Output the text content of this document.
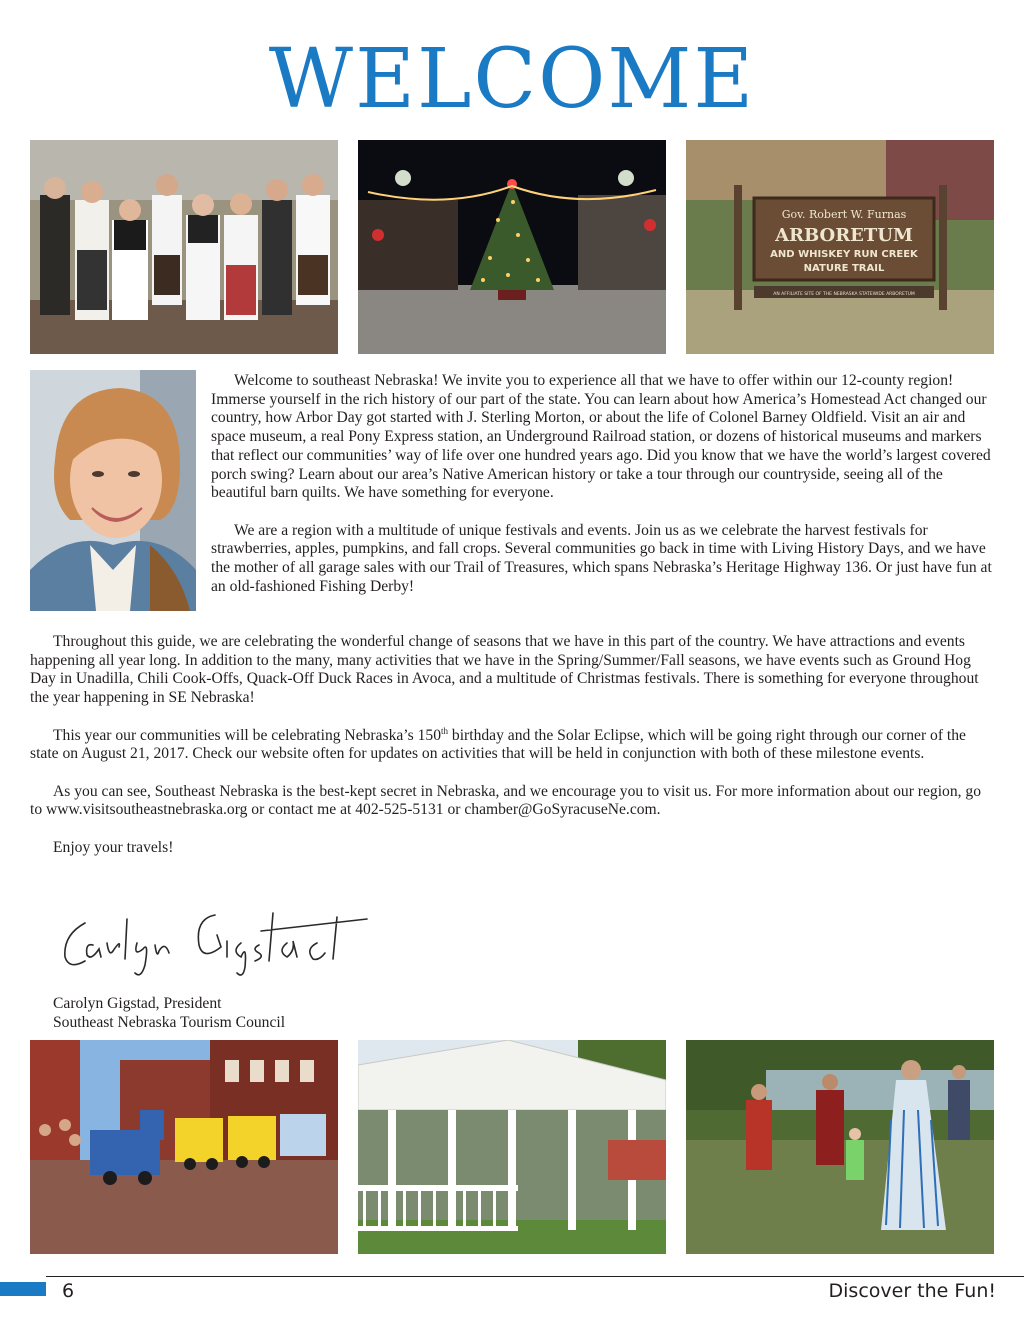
WELCOME
Gov. Robert W. Furnas
ARBORETUM
AND WHISKEY RUN CREEK
NATURE TRAIL
AN AFFILIATE SITE OF THE NEBRASKA STATEWIDE ARBORETUM

Welcome to southeast Nebraska! We invite you to experience all that we have to offer within our 12-county region! Immerse yourself in the rich history of our part of the state. You can learn about how America’s Homestead Act changed our country, how Arbor Day got started with J. Sterling Morton, or about the life of Colonel Barney Oldfield. Visit an air and space museum, a real Pony Express station, an Underground Railroad station, or dozens of historical museums and markers that reflect our communities’ way of life over one hundred years ago. Did you know that we have the world’s largest covered porch swing? Learn about our area’s Native American history or take a tour through our countryside, seeing all of the beautiful barn quilts. We have something for everyone.

We are a region with a multitude of unique festivals and events. Join us as we celebrate the harvest festivals for strawberries, apples, pumpkins, and fall crops. Several communities go back in time with Living History Days, and we have the mother of all garage sales with our Trail of Treasures, which spans Nebraska’s Heritage Highway 136. Or just have fun at an old-fashioned Fishing Derby!

Throughout this guide, we are celebrating the wonderful change of seasons that we have in this part of the country. We have attractions and events happening all year long. In addition to the many, many activities that we have in the Spring/Summer/Fall seasons, we have events such as Ground Hog Day in Unadilla, Chili Cook-Offs, Quack-Off Duck Races in Avoca, and a multitude of Christmas festivals. There is something for everyone throughout the year happening in SE Nebraska!

This year our communities will be celebrating Nebraska’s 150th birthday and the Solar Eclipse, which will be going right through our corner of the state on August 21, 2017. Check our website often for updates on activities that will be held in conjunction with both of these milestone events.

As you can see, Southeast Nebraska is the best-kept secret in Nebraska, and we encourage you to visit us. For more information about our region, go to www.visitsoutheastnebraska.org or contact me at 402-525-5131 or chamber@GoSyracuseNe.com.

Enjoy your travels!

Carolyn Gigstad, President
Southeast Nebraska Tourism Council
6	Discover the Fun!
